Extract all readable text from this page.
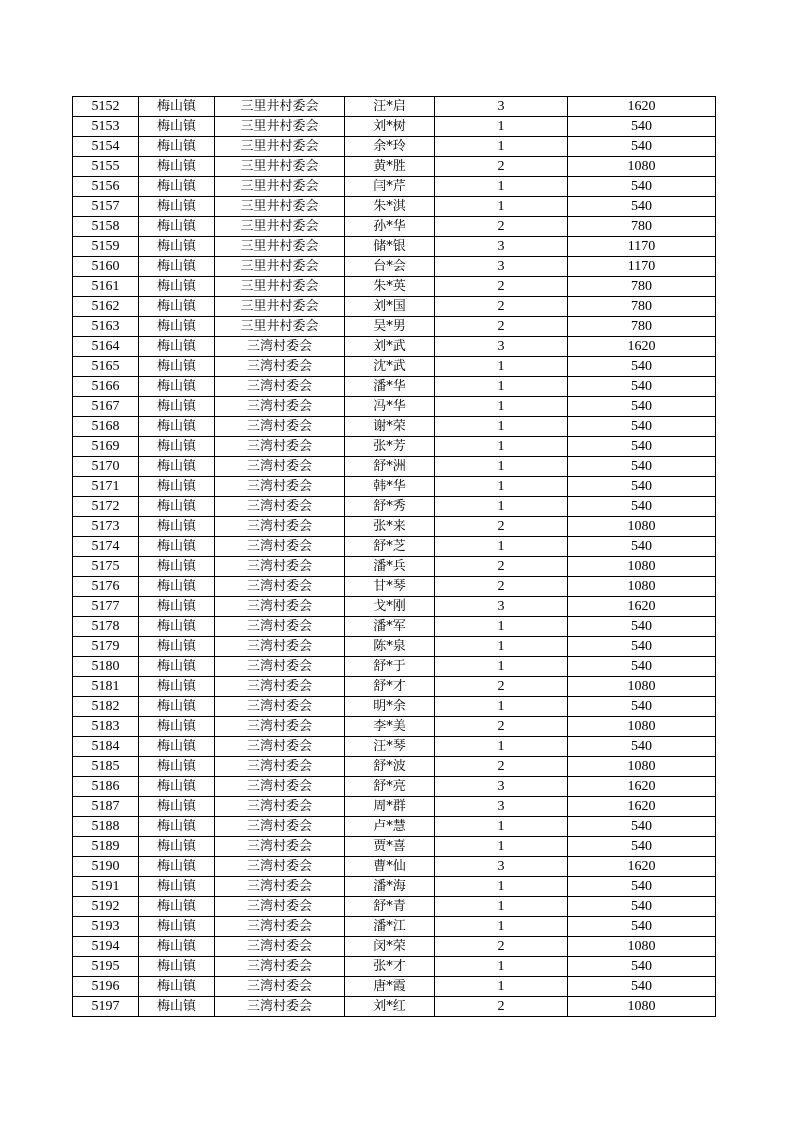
5152	梅山镇	三里井村委会	汪*启	3	1620
5153	梅山镇	三里井村委会	刘*树	1	540
5154	梅山镇	三里井村委会	余*玲	1	540
5155	梅山镇	三里井村委会	黄*胜	2	1080
5156	梅山镇	三里井村委会	闫*芹	1	540
5157	梅山镇	三里井村委会	朱*淇	1	540
5158	梅山镇	三里井村委会	孙*华	2	780
5159	梅山镇	三里井村委会	储*银	3	1170
5160	梅山镇	三里井村委会	台*会	3	1170
5161	梅山镇	三里井村委会	朱*英	2	780
5162	梅山镇	三里井村委会	刘*国	2	780
5163	梅山镇	三里井村委会	吴*男	2	780
5164	梅山镇	三湾村委会	刘*武	3	1620
5165	梅山镇	三湾村委会	沈*武	1	540
5166	梅山镇	三湾村委会	潘*华	1	540
5167	梅山镇	三湾村委会	冯*华	1	540
5168	梅山镇	三湾村委会	谢*荣	1	540
5169	梅山镇	三湾村委会	张*芳	1	540
5170	梅山镇	三湾村委会	舒*洲	1	540
5171	梅山镇	三湾村委会	韩*华	1	540
5172	梅山镇	三湾村委会	舒*秀	1	540
5173	梅山镇	三湾村委会	张*来	2	1080
5174	梅山镇	三湾村委会	舒*芝	1	540
5175	梅山镇	三湾村委会	潘*兵	2	1080
5176	梅山镇	三湾村委会	甘*琴	2	1080
5177	梅山镇	三湾村委会	戈*刚	3	1620
5178	梅山镇	三湾村委会	潘*军	1	540
5179	梅山镇	三湾村委会	陈*泉	1	540
5180	梅山镇	三湾村委会	舒*于	1	540
5181	梅山镇	三湾村委会	舒*才	2	1080
5182	梅山镇	三湾村委会	明*余	1	540
5183	梅山镇	三湾村委会	李*美	2	1080
5184	梅山镇	三湾村委会	汪*琴	1	540
5185	梅山镇	三湾村委会	舒*波	2	1080
5186	梅山镇	三湾村委会	舒*亮	3	1620
5187	梅山镇	三湾村委会	周*群	3	1620
5188	梅山镇	三湾村委会	卢*慧	1	540
5189	梅山镇	三湾村委会	贾*喜	1	540
5190	梅山镇	三湾村委会	曹*仙	3	1620
5191	梅山镇	三湾村委会	潘*海	1	540
5192	梅山镇	三湾村委会	舒*青	1	540
5193	梅山镇	三湾村委会	潘*江	1	540
5194	梅山镇	三湾村委会	闵*荣	2	1080
5195	梅山镇	三湾村委会	张*才	1	540
5196	梅山镇	三湾村委会	唐*霞	1	540
5197	梅山镇	三湾村委会	刘*红	2	1080
